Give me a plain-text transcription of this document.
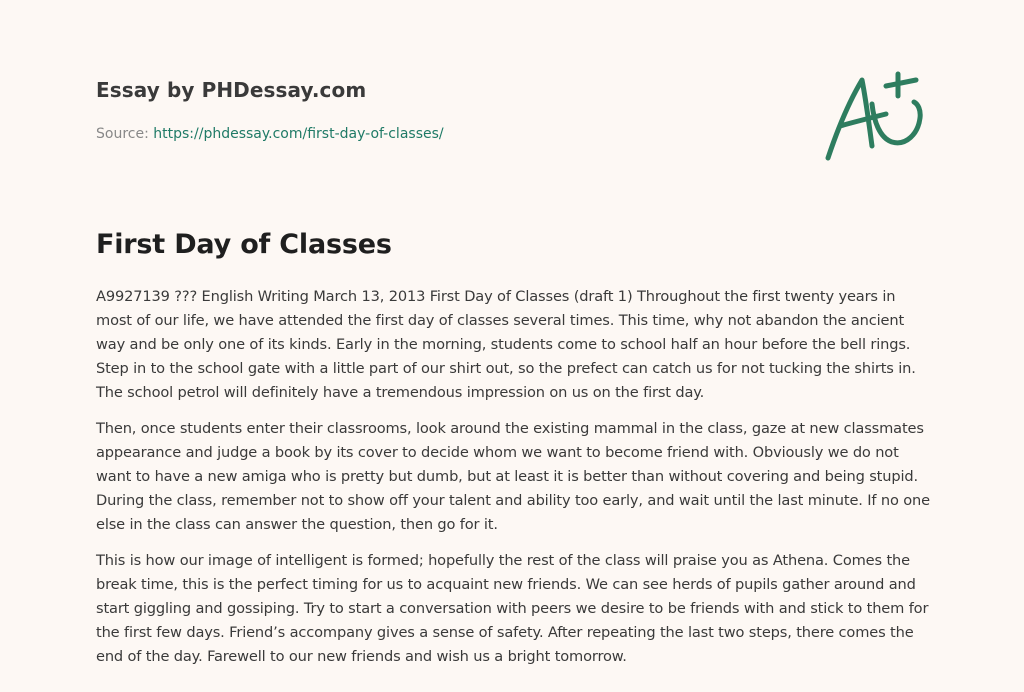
Essay by PHDessay.com
Source: https://phdessay.com/first-day-of-classes/
First Day of Classes

A9927139 ??? English Writing March 13, 2013 First Day of Classes (draft 1) Throughout the first twenty years in most of our life, we have attended the first day of classes several times. This time, why not abandon the ancient way and be only one of its kinds. Early in the morning, students come to school half an hour before the bell rings. Step in to the school gate with a little part of our shirt out, so the prefect can catch us for not tucking the shirts in. The school petrol will definitely have a tremendous impression on us on the first day.

Then, once students enter their classrooms, look around the existing mammal in the class, gaze at new classmates appearance and judge a book by its cover to decide whom we want to become friend with. Obviously we do not want to have a new amiga who is pretty but dumb, but at least it is better than without covering and being stupid. During the class, remember not to show off your talent and ability too early, and wait until the last minute. If no one else in the class can answer the question, then go for it.

This is how our image of intelligent is formed; hopefully the rest of the class will praise you as Athena. Comes the break time, this is the perfect timing for us to acquaint new friends. We can see herds of pupils gather around and start giggling and gossiping. Try to start a conversation with peers we desire to be friends with and stick to them for the first few days. Friend’s accompany gives a sense of safety. After repeating the last two steps, there comes the end of the day. Farewell to our new friends and wish us a bright tomorrow.
